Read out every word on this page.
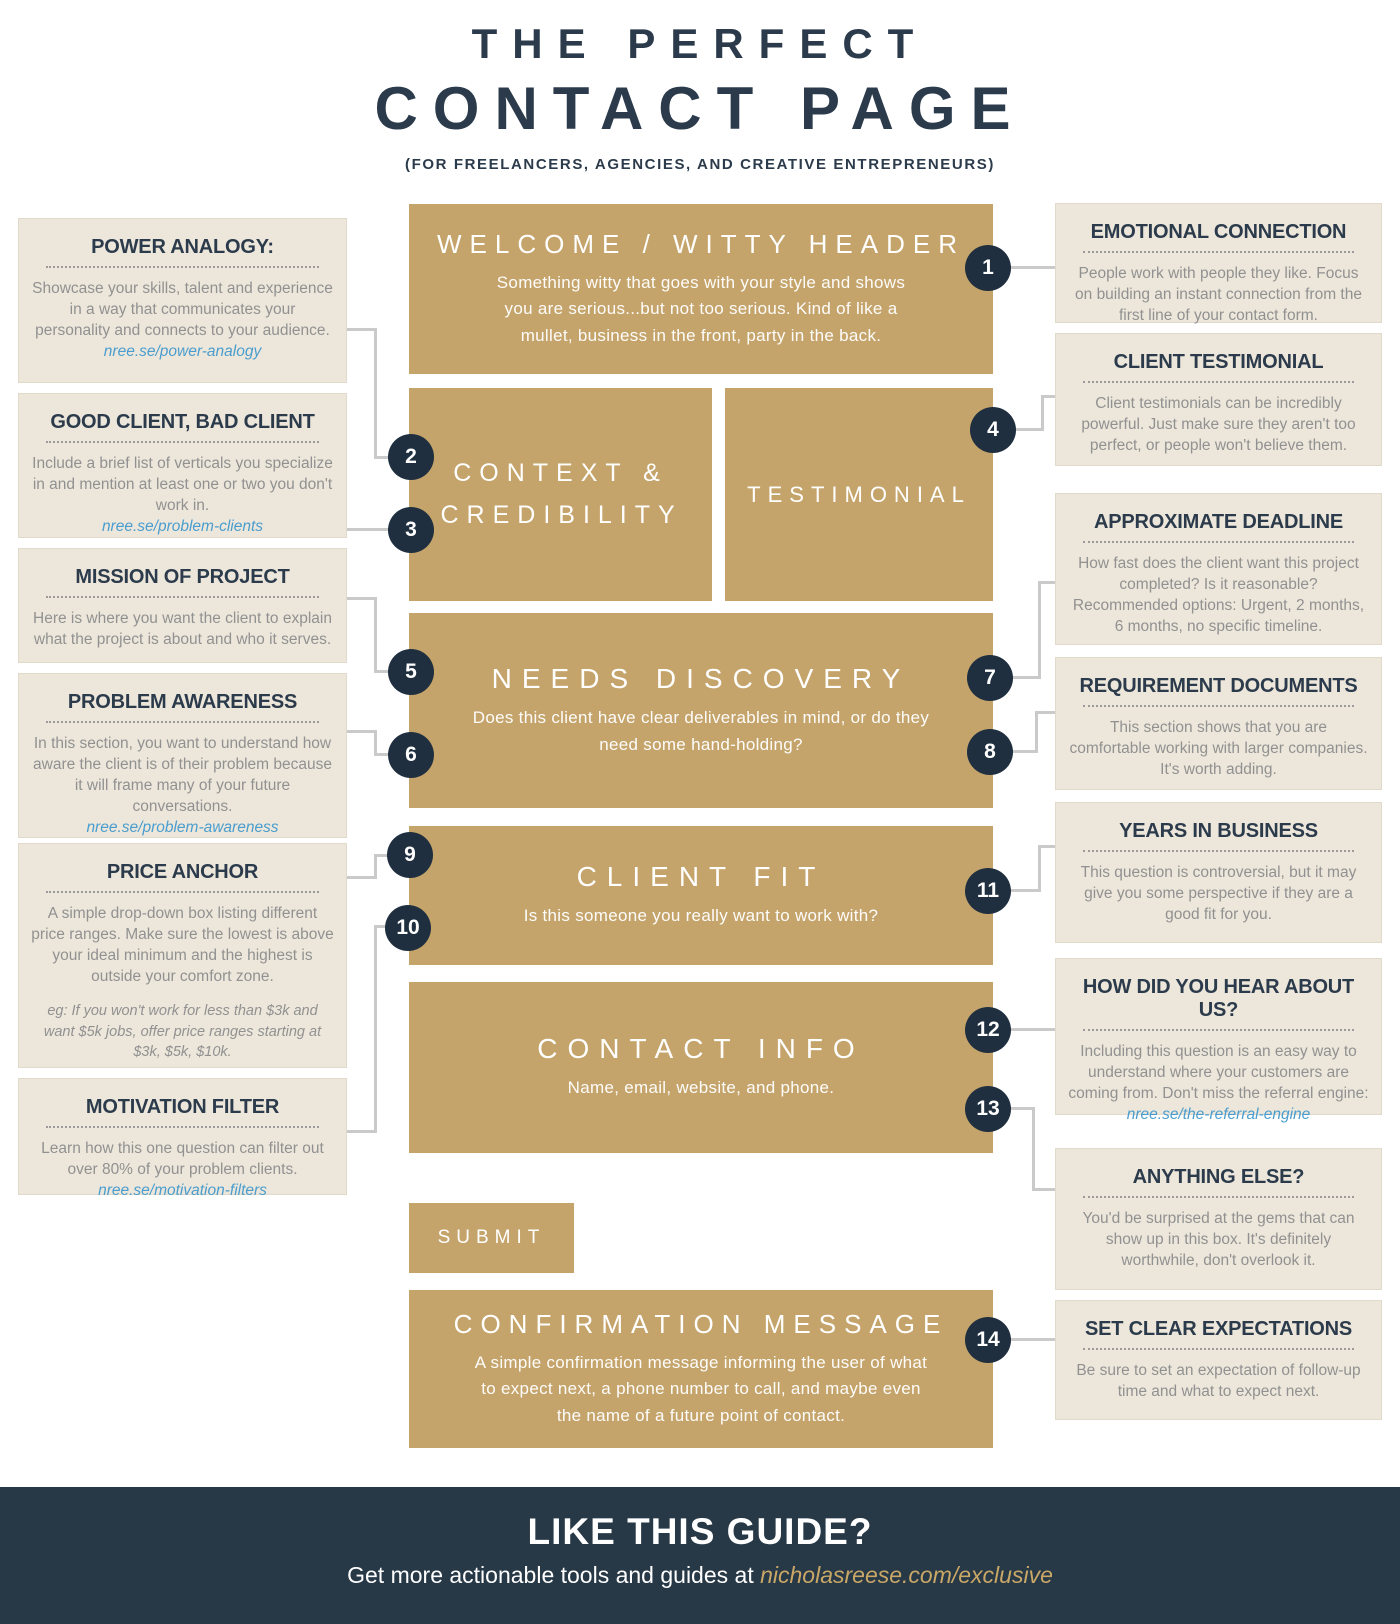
THE PERFECT
CONTACT PAGE
(FOR FREELANCERS, AGENCIES, AND CREATIVE ENTREPRENEURS)
LIKE THIS GUIDE?
Get more actionable tools and guides at nicholasreese.com/exclusive
POWER ANALOGY:
Showcase your skills, talent and experience in a way that communicates your personality and connects to your audience.
nree.se/power-analogy
GOOD CLIENT, BAD CLIENT
Include a brief list of verticals you specialize in and mention at least one or two you don't work in.
nree.se/problem-clients
MISSION OF PROJECT
Here is where you want the client to explain what the project is about and who it serves.
PROBLEM AWARENESS
In this section, you want to understand how aware the client is of their problem because it will frame many of your future conversations.
nree.se/problem-awareness
PRICE ANCHOR
A simple drop-down box listing different price ranges. Make sure the lowest is above your ideal minimum and the highest is outside your comfort zone.
eg: If you won't work for less than $3k and want $5k jobs, offer price ranges starting at $3k, $5k, $10k.
MOTIVATION FILTER
Learn how this one question can filter out over 80% of your problem clients.
nree.se/motivation-filters
EMOTIONAL CONNECTION
People work with people they like. Focus on building an instant connection from the first line of your contact form.
CLIENT TESTIMONIAL
Client testimonials can be incredibly powerful. Just make sure they aren't too perfect, or people won't believe them.
APPROXIMATE DEADLINE
How fast does the client want this project completed? Is it reasonable? Recommended options: Urgent, 2 months, 6 months, no specific timeline.
REQUIREMENT DOCUMENTS
This section shows that you are comfortable working with larger companies. It's worth adding.
YEARS IN BUSINESS
This question is controversial, but it may give you some perspective if they are a good fit for you.
HOW DID YOU HEAR ABOUT US?
Including this question is an easy way to understand where your customers are coming from. Don't miss the referral engine:
nree.se/the-referral-engine
ANYTHING ELSE?
You'd be surprised at the gems that can show up in this box. It's definitely worthwhile, don't overlook it.
SET CLEAR EXPECTATIONS
Be sure to set an expectation of follow-up time and what to expect next.
WELCOME / WITTY HEADER
Something witty that goes with your style and shows you are serious...but not too serious. Kind of like a mullet, business in the front, party in the back.
CONTEXT & CREDIBILITY
TESTIMONIAL
NEEDS DISCOVERY
Does this client have clear deliverables in mind, or do they need some hand-holding?
CLIENT FIT
Is this someone you really want to work with?
CONTACT INFO
Name, email, website, and phone.
SUBMIT
CONFIRMATION MESSAGE
A simple confirmation message informing the user of what to expect next, a phone number to call, and maybe even the name of a future point of contact.
1
2
3
4
5
6
7
8
9
10
11
12
13
14
